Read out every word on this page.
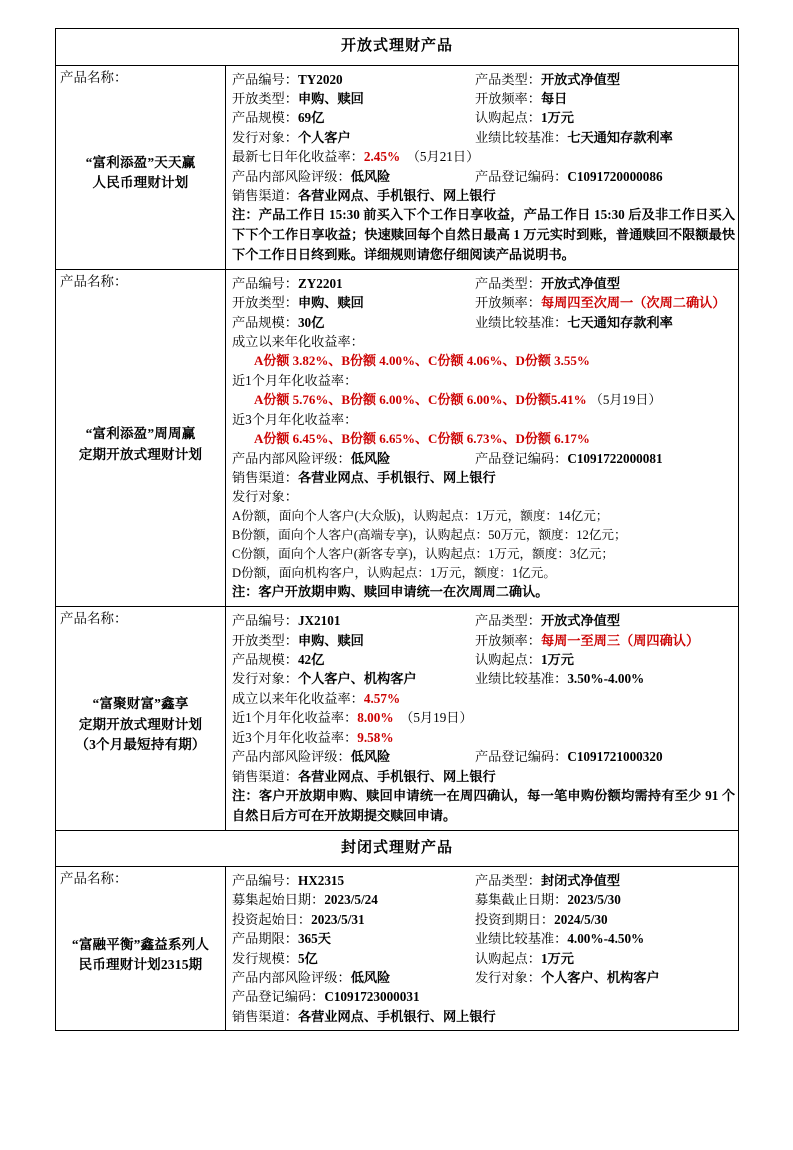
开放式理财产品	

产品名称：
“富利添盈”天天赢
人民币理财计划

产品编号：TY2020	产品类型：开放式净值型
开放类型：申购、赎回	开放频率：每日
产品规模：69亿	认购起点：1万元
发行对象：个人客户	业绩比较基准：七天通知存款利率
最新七日年化收益率：2.45%  （5月21日）
产品内部风险评级：低风险	产品登记编码：C1091720000086
销售渠道：各营业网点、手机银行、网上银行
注：产品工作日 15:30 前买入下个工作日享收益，产品工作日 15:30 后及非工作日买入下下个工作日享收益；快速赎回每个自然日最高 1 万元实时到账，普通赎回不限额最快下个工作日日终到账。详细规则请您仔细阅读产品说明书。

产品名称：
“富利添盈”周周赢
定期开放式理财计划

产品编号：ZY2201	产品类型：开放式净值型
开放类型：申购、赎回	开放频率：每周四至次周一（次周二确认）
产品规模：30亿	业绩比较基准：七天通知存款利率
成立以来年化收益率：
A份额 3.82%、B份额 4.00%、C份额 4.06%、D份额 3.55%
近1个月年化收益率：
A份额 5.76%、B份额 6.00%、C份额 6.00%、D份额5.41% （5月19日）
近3个月年化收益率：
A份额 6.45%、B份额 6.65%、C份额 6.73%、D份额 6.17%
产品内部风险评级：低风险	产品登记编码：C1091722000081
销售渠道：各营业网点、手机银行、网上银行
发行对象：
A份额，面向个人客户(大众版)，认购起点：1万元，额度：14亿元；
B份额，面向个人客户(高端专享)，认购起点：50万元，额度：12亿元；
C份额，面向个人客户(新客专享)，认购起点：1万元，额度：3亿元；
D份额，面向机构客户，认购起点：1万元，额度：1亿元。
注：客户开放期申购、赎回申请统一在次周周二确认。

产品名称：
“富聚财富”鑫享
定期开放式理财计划
（3个月最短持有期）

产品编号：JX2101	产品类型：开放式净值型
开放类型：申购、赎回	开放频率：每周一至周三（周四确认）
产品规模：42亿	认购起点：1万元
发行对象：个人客户、机构客户	业绩比较基准：3.50%-4.00%
成立以来年化收益率：4.57%
近1个月年化收益率：8.00%  （5月19日）
近3个月年化收益率：9.58%
产品内部风险评级：低风险	产品登记编码：C1091721000320
销售渠道：各营业网点、手机银行、网上银行
注：客户开放期申购、赎回申请统一在周四确认，每一笔申购份额均需持有至少 91 个自然日后方可在开放期提交赎回申请。

封闭式理财产品	

产品名称：
“富融平衡”鑫益系列人
民币理财计划2315期

产品编号：HX2315	产品类型：封闭式净值型
募集起始日期：2023/5/24	募集截止日期：2023/5/30
投资起始日：2023/5/31	投资到期日：2024/5/30
产品期限：365天	业绩比较基准：4.00%-4.50%
发行规模：5亿	认购起点：1万元
产品内部风险评级：低风险	发行对象：个人客户、机构客户
产品登记编码：C1091723000031
销售渠道：各营业网点、手机银行、网上银行
